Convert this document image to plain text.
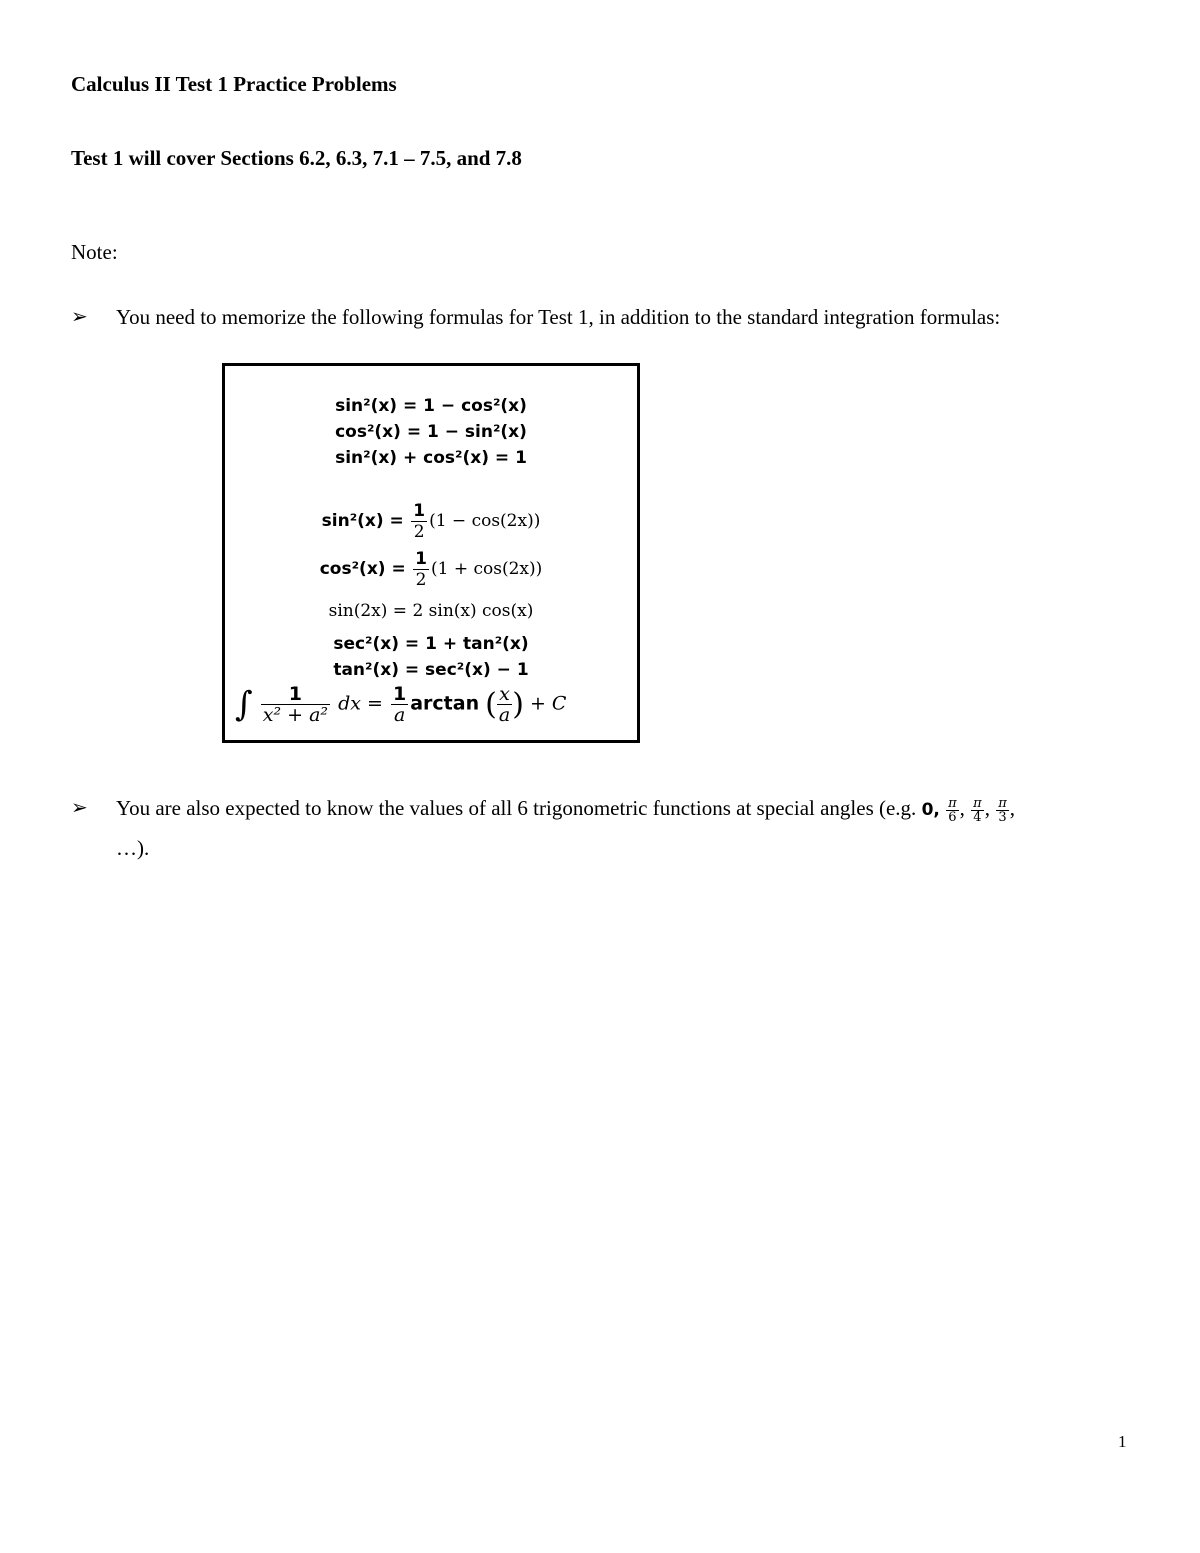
Calculus II Test 1 Practice Problems
Test 1 will cover Sections 6.2, 6.3, 7.1 – 7.5, and 7.8
Note:
➢	You need to memorize the following formulas for Test 1, in addition to the standard integration formulas:
sin²(x) = 1 − cos²(x)
cos²(x) = 1 − sin²(x)
sin²(x) + cos²(x) = 1
$\sin^2(x) = \frac{1}{2} (1 - \cos(2x))$
$\cos^2(x) = \frac{1}{2} (1 + \cos(2x))$
sin(2x) = 2 sin(x) cos(x)
sec²(x) = 1 + tan²(x)
tan²(x) = sec²(x) − 1
∫ $\frac{1}{\text{x² + a²}}$ dx = $\frac{1}{a}$ arctan ( $\frac{x}{a}$ ) + C
➢	You are also expected to know the values of all 6 trigonometric functions at special angles (e.g. 0, $\frac{\pi}{6}$ , $\frac{\pi}{4}$ , $\frac{\pi}{3}$ ,
…).
1
